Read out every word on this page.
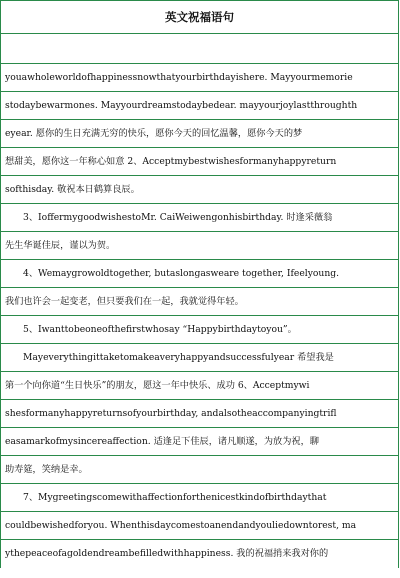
英文祝福语句
youawholeworldofhappinessnowthatyourbirthdayishere. Mayyourmemorie
stodaybewarmones. Mayyourdreamstodaybedear. mayyourjoylastthroughth
eyear. 愿你的生日充满无穷的快乐，愿你今天的回忆温馨，愿你今天的梦
想甜美，愿你这一年称心如意 2、Acceptmybestwishesformanyhappyreturn
softhisday. 敬祝本日鹤算良辰。
3、IoffermygoodwishestoMr. CaiWeiwengonhisbirthday. 时逢采薇翁
先生华诞佳辰，谨以为贺。
4、Wemaygrowoldtogether, butaslongasweare together, Ifeelyoung.
我们也许会一起变老，但只要我们在一起，我就觉得年轻。
5、Iwanttobeoneofthefirstwhosay “Happybirthdaytoyou”。
Mayeverythingittaketomakeaveryhappyandsuccessfulyear 希望我是
第一个向你道“生日快乐”的朋友，愿这一年中快乐、成功 6、Acceptmywi
shesformanyhappyreturnsofyourbirthday, andalsotheaccompanyingtrifl
easamarkofmysincereaffection. 适逢足下佳辰，诸凡顺遂，为放为祝，聊
助寿筵，笑纳是幸。
7、Mygreetingscomewithaffectionforthenicestkindofbirthdaythat
couldbewishedforyou. Whenthisdaycomestoanendandyouliedowntorest, ma
ythepeaceofagoldendreambefilledwithhappiness. 我的祝福捎来我对你的
